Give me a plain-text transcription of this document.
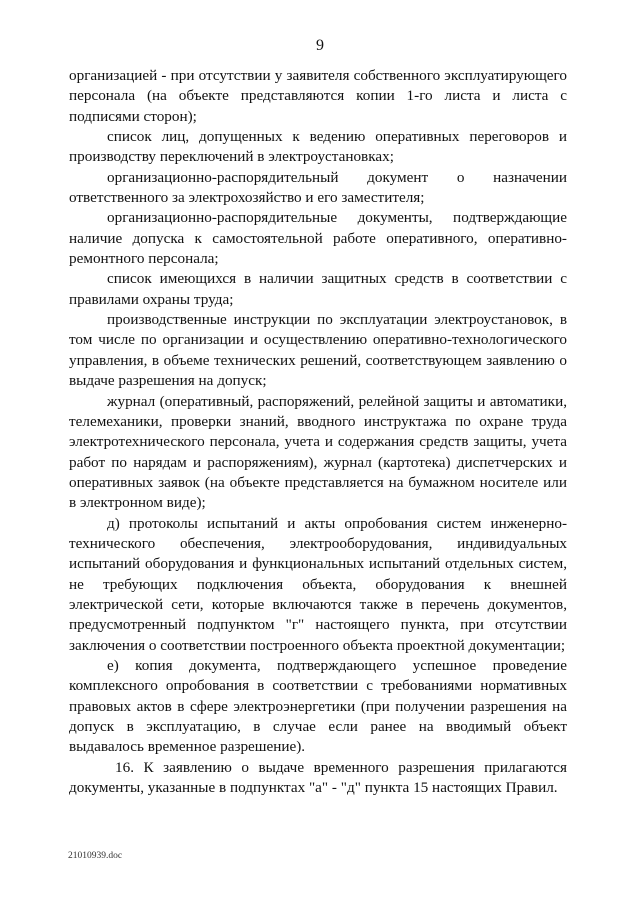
9

организацией - при отсутствии у заявителя собственного эксплуатирующего персонала (на объекте представляются копии 1-го листа и листа с подписями сторон);

список лиц, допущенных к ведению оперативных переговоров и производству переключений в электроустановках;

организационно-распорядительный документ о назначении ответственного за электрохозяйство и его заместителя;

организационно-распорядительные документы, подтверждающие наличие допуска к самостоятельной работе оперативного, оперативно-ремонтного персонала;

список имеющихся в наличии защитных средств в соответствии с правилами охраны труда;

производственные инструкции по эксплуатации электроустановок, в том числе по организации и осуществлению оперативно-технологического управления, в объеме технических решений, соответствующем заявлению о выдаче разрешения на допуск;

журнал (оперативный, распоряжений, релейной защиты и автоматики, телемеханики, проверки знаний, вводного инструктажа по охране труда электротехнического персонала, учета и содержания средств защиты, учета работ по нарядам и распоряжениям), журнал (картотека) диспетчерских и оперативных заявок (на объекте представляется на бумажном носителе или в электронном виде);

д) протоколы испытаний и акты опробования систем инженерно-технического обеспечения, электрооборудования, индивидуальных испытаний оборудования и функциональных испытаний отдельных систем, не требующих подключения объекта, оборудования к внешней электрической сети, которые включаются также в перечень документов, предусмотренный подпунктом "г" настоящего пункта, при отсутствии заключения о соответствии построенного объекта проектной документации;

е) копия документа, подтверждающего успешное проведение комплексного опробования в соответствии с требованиями нормативных правовых актов в сфере электроэнергетики (при получении разрешения на допуск в эксплуатацию, в случае если ранее на вводимый объект выдавалось временное разрешение).

16. К заявлению о выдаче временного разрешения прилагаются документы, указанные в подпунктах "а" - "д" пункта 15 настоящих Правил.

21010939.doc
